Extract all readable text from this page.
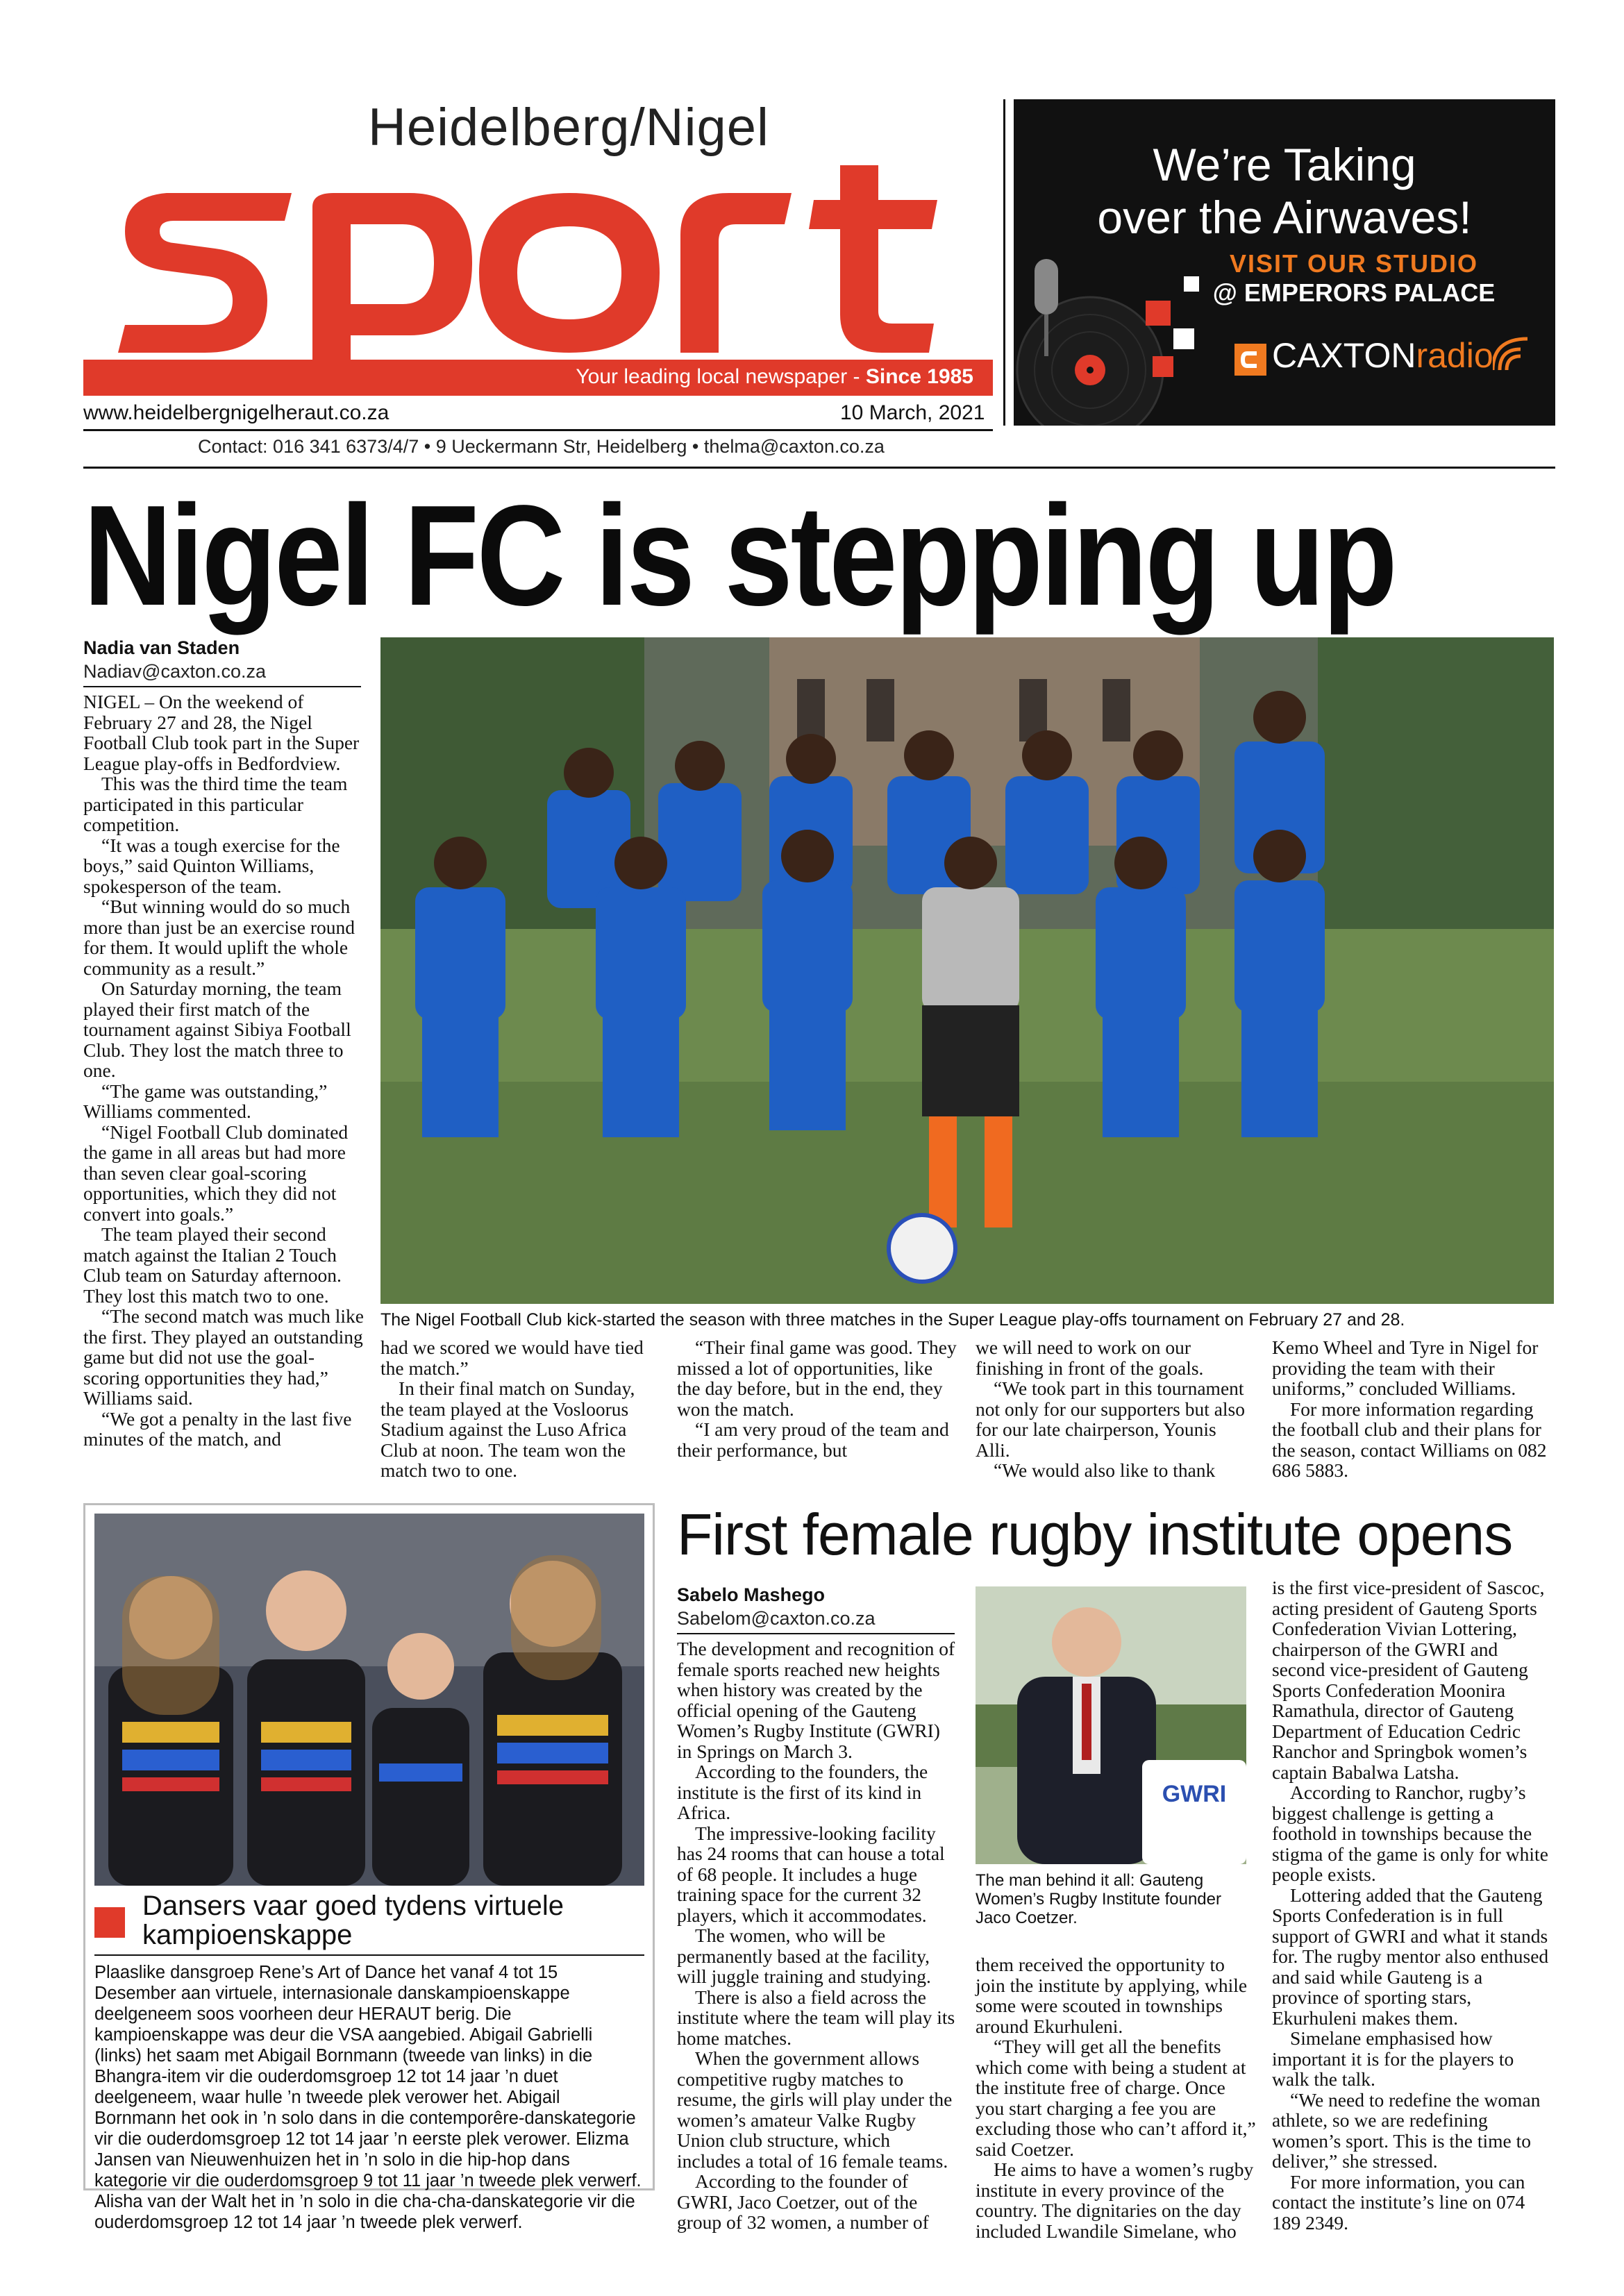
Heidelberg/Nigel
Your leading local newspaper - Since 1985
www.heidelbergnigelheraut.co.za	10 March, 2021
Contact: 016 341 6373/4/7 • 9 Ueckermann Str, Heidelberg • thelma@caxton.co.za
We’re Taking
over the Airwaves!
VISIT OUR STUDIO
@ EMPERORS PALACE
CAXTONradio
Nigel FC is stepping up
Nadia van Staden
Nadiav@caxton.co.za

NIGEL – On the weekend of February 27 and 28, the Nigel Football Club took part in the Super League play-offs in Bedfordview.

This was the third time the team participated in this particular competition.

“It was a tough exercise for the boys,” said Quinton Williams, spokesperson of the team.

“But winning would do so much more than just be an exercise round for them. It would uplift the whole community as a result.”

On Saturday morning, the team played their first match of the tournament against Sibiya Football Club. They lost the match three to one.

“The game was outstanding,” Williams commented.

“Nigel Football Club dominated the game in all areas but had more than seven clear goal-scoring opportunities, which they did not convert into goals.”

The team played their second match against the Italian 2 Touch Club team on Saturday afternoon. They lost this match two to one.

“The second match was much like the first. They played an outstanding game but did not use the goal-scoring opportunities they had,” Williams said.

“We got a penalty in the last five minutes of the match, and

The Nigel Football Club kick-started the season with three matches in the Super League play-offs tournament on February 27 and 28.

had we scored we would have tied the match.”

In their final match on Sunday, the team played at the Vosloorus Stadium against the Luso Africa Club at noon. The team won the match two to one.

“Their final game was good. They missed a lot of opportunities, like the day before, but in the end, they won the match.

“I am very proud of the team and their performance, but

we will need to work on our finishing in front of the goals.

“We took part in this tournament not only for our supporters but also for our late chairperson, Younis Alli.

“We would also like to thank

Kemo Wheel and Tyre in Nigel for providing the team with their uniforms,” concluded Williams.

For more information regarding the football club and their plans for the season, contact Williams on 082 686 5883.

Dansers vaar goed tydens virtuele kampioenskappe
Plaaslike dansgroep Rene’s Art of Dance het vanaf 4 tot 15 Desember aan virtuele, internasionale danskampioenskappe deelgeneem soos voorheen deur HERAUT berig. Die kampioenskappe was deur die VSA aangebied. Abigail Gabrielli (links) het saam met Abigail Bornmann (tweede van links) in die Bhangra-item vir die ouderdomsgroep 12 tot 14 jaar ’n duet deelgeneem, waar hulle ’n tweede plek verower het. Abigail Bornmann het ook in ’n solo dans in die contemporêre-danskategorie vir die ouderdomsgroep 12 tot 14 jaar ’n eerste plek verower. Elizma Jansen van Nieuwenhuizen het in ’n solo in die hip-hop dans kategorie vir die ouderdomsgroep 9 tot 11 jaar ’n tweede plek verwerf. Alisha van der Walt het in ’n solo in die cha-cha-danskategorie vir die ouderdomsgroep 12 tot 14 jaar ’n tweede plek verwerf.
First female rugby institute opens
Sabelo Mashego
Sabelom@caxton.co.za

The development and recognition of female sports reached new heights when history was created by the official opening of the Gauteng Women’s Rugby Institute (GWRI) in Springs on March 3.

According to the founders, the institute is the first of its kind in Africa.

The impressive-looking facility has 24 rooms that can house a total of 68 people. It includes a huge training space for the current 32 players, which it accommodates.

The women, who will be permanently based at the facility, will juggle training and studying.

There is also a field across the institute where the team will play its home matches.

When the government allows competitive rugby matches to resume, the girls will play under the women’s amateur Valke Rugby Union club structure, which includes a total of 16 female teams.

According to the founder of GWRI, Jaco Coetzer, out of the group of 32 women, a number of

GWRI
The man behind it all: Gauteng Women’s Rugby Institute founder Jaco Coetzer.

them received the opportunity to join the institute by applying, while some were scouted in townships around Ekurhuleni.

“They will get all the benefits which come with being a student at the institute free of charge. Once you start charging a fee you are excluding those who can’t afford it,” said Coetzer.

He aims to have a women’s rugby institute in every province of the country. The dignitaries on the day included Lwandile Simelane, who

is the first vice-president of Sascoc, acting president of Gauteng Sports Confederation Vivian Lottering, chairperson of the GWRI and second vice-president of Gauteng Sports Confederation Moonira Ramathula, director of Gauteng Department of Education Cedric Ranchor and Springbok women’s captain Babalwa Latsha.

According to Ranchor, rugby’s biggest challenge is getting a foothold in townships because the stigma of the game is only for white people exists.

Lottering added that the Gauteng Sports Confederation is in full support of GWRI and what it stands for. The rugby mentor also enthused and said while Gauteng is a province of sporting stars, Ekurhuleni makes them.

Simelane emphasised how important it is for the players to walk the talk.

“We need to redefine the woman athlete, so we are redefining women’s sport. This is the time to deliver,” she stressed.

For more information, you can contact the institute’s line on 074 189 2349.
